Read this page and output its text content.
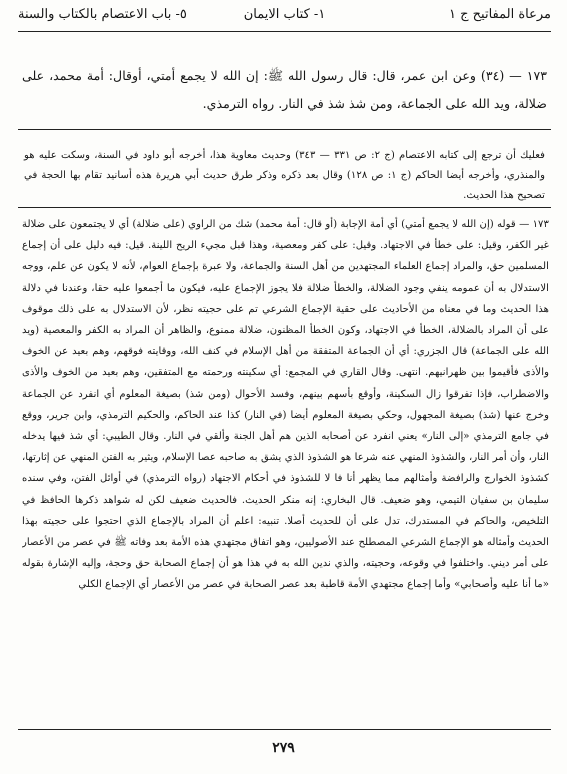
مرعاة المفاتيح ج ١
١- كتاب الايمان
٥- باب الاعتصام بالكتاب والسنة
١٧٣ — (٣٤) وعن ابن عمر، قال: قال رسول الله ﷺ: إن الله لا يجمع أمتي، أوقال: أمة محمد، على ضلالة، ويد الله على الجماعة، ومن شذ شذ في النار. رواه الترمذي.
فعليك أن ترجع إلى كتابه الاعتصام (ج ٢: ص ٣٣١ — ٣٤٣) وحديث معاوية هذا، أخرجه أبو داود في السنة، وسكت عليه هو والمنذري، وأخرجه أيضا الحاكم (ج ١: ص ١٢٨) وقال بعد ذكره وذكر طرق حديث أبي هريرة هذه أسانيد تقام بها الحجة في تصحيح هذا الحديث.

١٧٣ — قوله (إن الله لا يجمع أمتي) أي أمة الإجابة (أو قال: أمة محمد) شك من الراوي (على ضلالة) أي لا يجتمعون على ضلالة غير الكفر، وقيل: على خطأ في الاجتهاد. وقيل: على كفر ومعصية، وهذا قبل مجيء الريح اللينة. قيل: فيه دليل على أن إجماع المسلمين حق، والمراد إجماع العلماء المجتهدين من أهل السنة والجماعة، ولا عبرة بإجماع العوام، لأنه لا يكون عن علم، ووجه الاستدلال به أن عمومه ينفي وجود الضلالة، والخطأ ضلالة فلا يجوز الإجماع عليه، فيكون ما أجمعوا عليه حقا، وعندنا في دلالة هذا الحديث وما في معناه من الأحاديث على حقية الإجماع الشرعي تم على حجيته نظر، لأن الاستدلال به على ذلك موقوف على أن المراد بالضلالة، الخطأ في الاجتهاد، وكون الخطأ المظنون، ضلالة ممنوع، والظاهر أن المراد به الكفر والمعصية (ويد الله على الجماعة) قال الجزري: أي أن الجماعة المتفقة من أهل الإسلام في كنف الله، ووقايته فوقهم، وهم بعيد عن الخوف والأذى فأقيموا بين ظهرانيهم. انتهى. وقال القاري في المجمع: أي سكينته ورحمته مع المتفقين، وهم بعيد من الخوف والأذى والاضطراب، فإذا تفرقوا زال السكينة، وأوقع بأسهم بينهم، وفسد الأحوال (ومن شذ) بصيغة المعلوم أي انفرد عن الجماعة وخرج عنها (شذ) بصيغة المجهول، وحكي بصيغة المعلوم أيضا (في النار) كذا عند الحاكم، والحكيم الترمذي، وابن جرير، ووقع في جامع الترمذي «إلى النار» يعني انفرد عن أصحابه الذين هم أهل الجنة وألقي في النار. وقال الطيبي: أي شذ فيها يدخله النار، وأن أمر النار، والشذوذ المنهي عنه شرعا هو الشذوذ الذي يشق به صاحبه عصا الإسلام، ويثير به الفتن المنهي عن إثارتها، كشذوذ الخوارج والرافضة وأمثالهم مما يظهر أنا فا لا للشذوذ في أحكام الاجتهاد (رواه الترمذي) في أوائل الفتن، وفي سنده سليمان بن سفيان التيمي، وهو ضعيف. قال البخاري: إنه منكر الحديث. فالحديث ضعيف لكن له شواهد ذكرها الحافظ في التلخيص، والحاكم في المستدرك، تدل على أن للحديث أصلا. تنبيه: اعلم أن المراد بالإجماع الذي احتجوا على حجيته بهذا الحديث وأمثاله هو الإجماع الشرعي المصطلح عند الأصوليين، وهو اتفاق مجتهدي هذه الأمة بعد وفاته ﷺ في عصر من الأعصار على أمر ديني. واختلفوا في وقوعه، وحجيته، والذي ندين الله به في هذا هو أن إجماع الصحابة حق وحجة، وإليه الإشارة بقوله «ما أنا عليه وأصحابي» وأما إجماع مجتهدي الأمة قاطبة بعد عصر الصحابة في عصر من الأعصار أي الإجماع الكلي

٢٧٩
